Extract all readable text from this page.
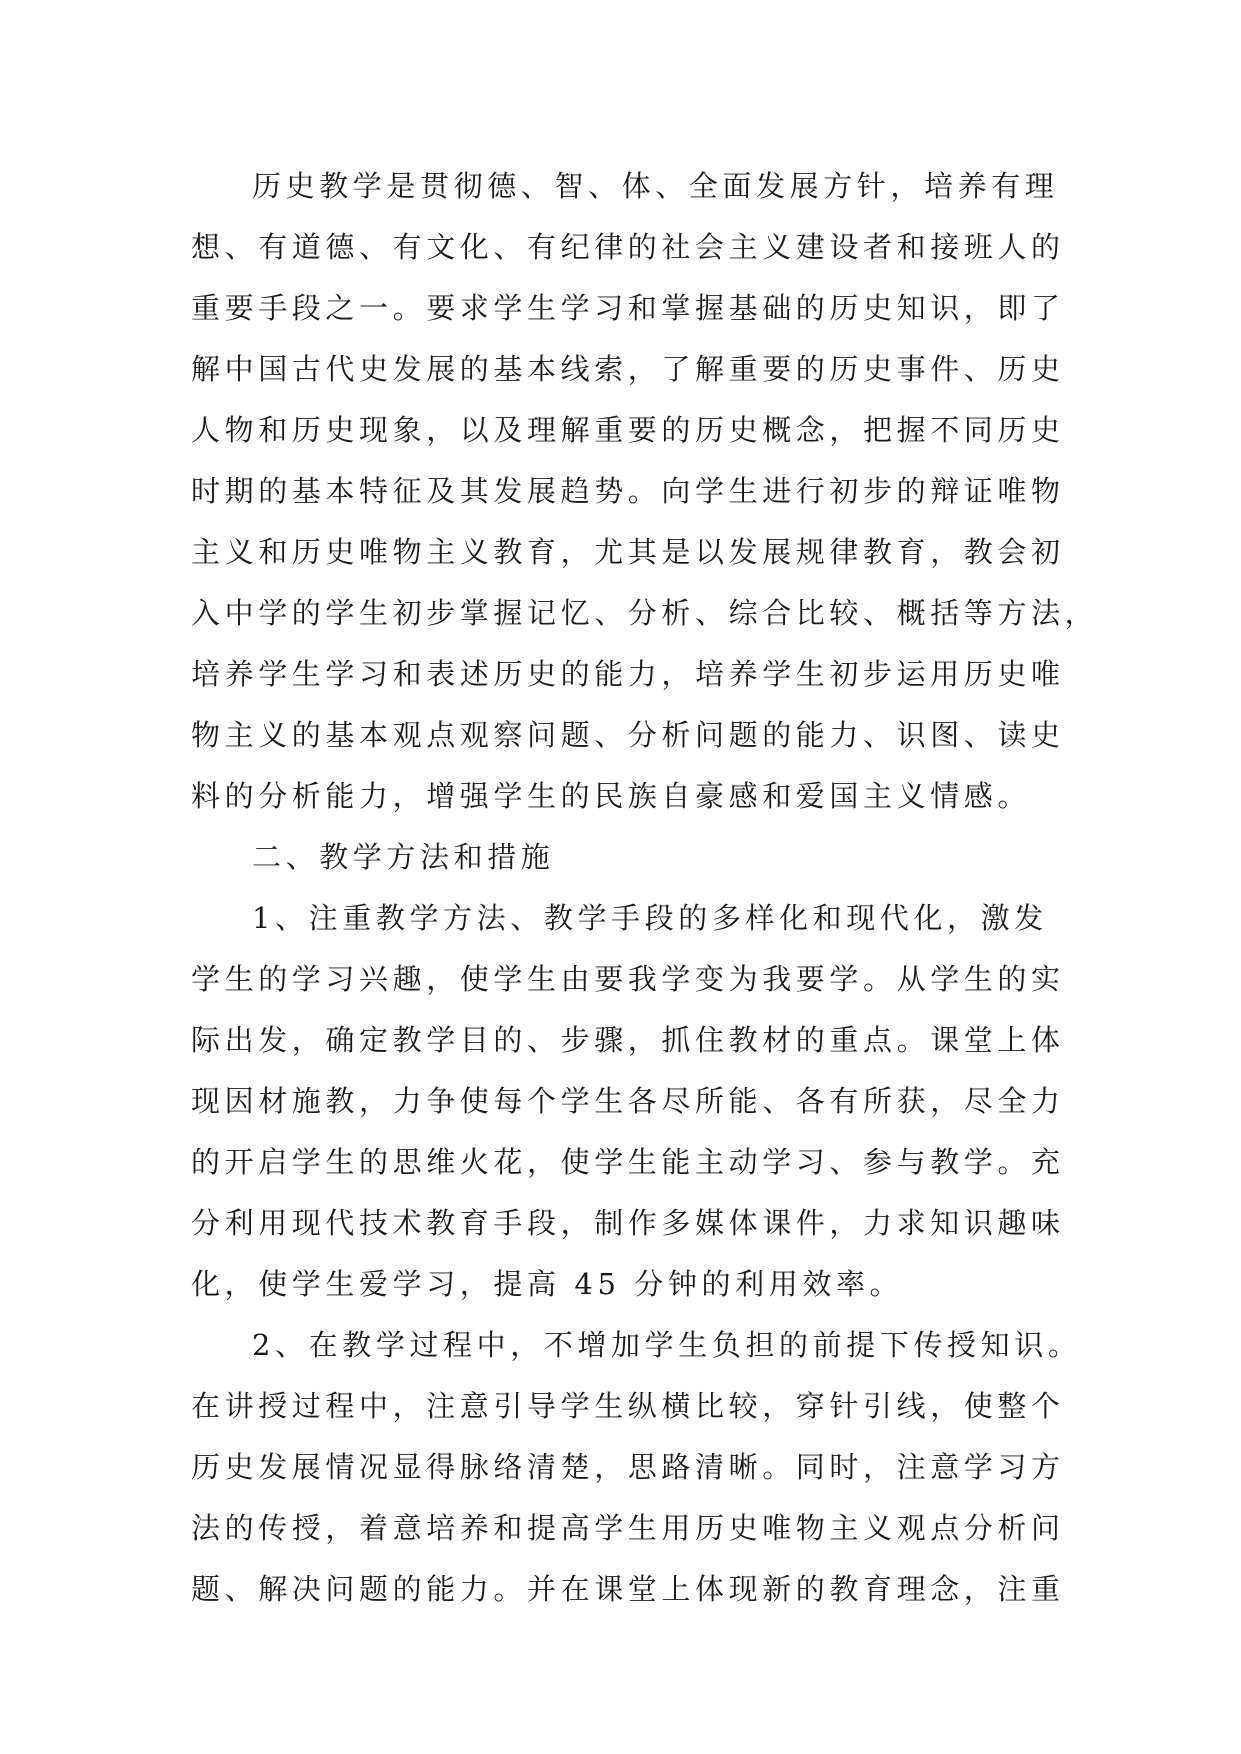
历史教学是贯彻德、智、体、全面发展方针，培养有理
想、有道德、有文化、有纪律的社会主义建设者和接班人的
重要手段之一。要求学生学习和掌握基础的历史知识，即了
解中国古代史发展的基本线索，了解重要的历史事件、历史
人物和历史现象，以及理解重要的历史概念，把握不同历史
时期的基本特征及其发展趋势。向学生进行初步的辩证唯物
主义和历史唯物主义教育，尤其是以发展规律教育，教会初
入中学的学生初步掌握记忆、分析、综合比较、概括等方法，
培养学生学习和表述历史的能力，培养学生初步运用历史唯
物主义的基本观点观察问题、分析问题的能力、识图、读史
料的分析能力，增强学生的民族自豪感和爱国主义情感。
二、教学方法和措施
1、注重教学方法、教学手段的多样化和现代化，激发
学生的学习兴趣，使学生由要我学变为我要学。从学生的实
际出发，确定教学目的、步骤，抓住教材的重点。课堂上体
现因材施教，力争使每个学生各尽所能、各有所获，尽全力
的开启学生的思维火花，使学生能主动学习、参与教学。充
分利用现代技术教育手段，制作多媒体课件，力求知识趣味
化，使学生爱学习，提高 45 分钟的利用效率。
2、在教学过程中，不增加学生负担的前提下传授知识。
在讲授过程中，注意引导学生纵横比较，穿针引线，使整个
历史发展情况显得脉络清楚，思路清晰。同时，注意学习方
法的传授，着意培养和提高学生用历史唯物主义观点分析问
题、解决问题的能力。并在课堂上体现新的教育理念，注重
